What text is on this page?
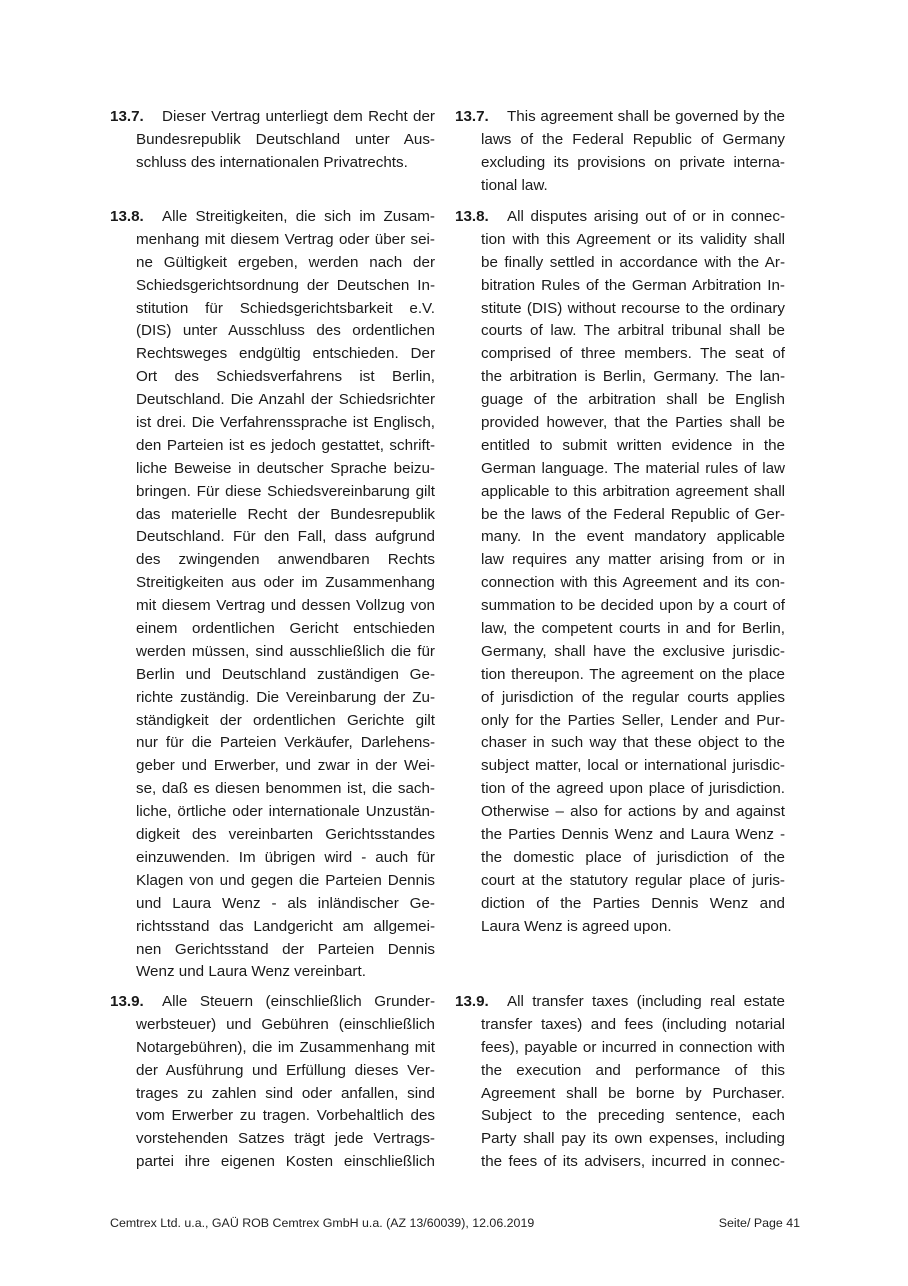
13.7. Dieser Vertrag unterliegt dem Recht der
Bundesrepublik Deutschland unter Aus-
schluss des internationalen Privatrechts.
13.8. Alle Streitigkeiten, die sich im Zusam-
menhang mit diesem Vertrag oder über sei-
ne Gültigkeit ergeben, werden nach der
Schiedsgerichtsordnung der Deutschen In-
stitution für Schiedsgerichtsbarkeit e.V.
(DIS) unter Ausschluss des ordentlichen
Rechtsweges endgültig entschieden. Der
Ort des Schiedsverfahrens ist Berlin,
Deutschland. Die Anzahl der Schiedsrichter
ist drei. Die Verfahrenssprache ist Englisch,
den Parteien ist es jedoch gestattet, schrift-
liche Beweise in deutscher Sprache beizu-
bringen. Für diese Schiedsvereinbarung gilt
das materielle Recht der Bundesrepublik
Deutschland. Für den Fall, dass aufgrund
des zwingenden anwendbaren Rechts
Streitigkeiten aus oder im Zusammenhang
mit diesem Vertrag und dessen Vollzug von
einem ordentlichen Gericht entschieden
werden müssen, sind ausschließlich die für
Berlin und Deutschland zuständigen Ge-
richte zuständig. Die Vereinbarung der Zu-
ständigkeit der ordentlichen Gerichte gilt
nur für die Parteien Verkäufer, Darlehens-
geber und Erwerber, und zwar in der Wei-
se, daß es diesen benommen ist, die sach-
liche, örtliche oder internationale Unzustän-
digkeit des vereinbarten Gerichtsstandes
einzuwenden. Im übrigen wird - auch für
Klagen von und gegen die Parteien Dennis
und Laura Wenz - als inländischer Ge-
richtsstand das Landgericht am allgemei-
nen Gerichtsstand der Parteien Dennis
Wenz und Laura Wenz vereinbart.
13.9. Alle Steuern (einschließlich Grunder-
werbsteuer) und Gebühren (einschließlich
Notargebühren), die im Zusammenhang mit
der Ausführung und Erfüllung dieses Ver-
trages zu zahlen sind oder anfallen, sind
vom Erwerber zu tragen. Vorbehaltlich des
vorstehenden Satzes trägt jede Vertrags-
partei ihre eigenen Kosten einschließlich
13.7. This agreement shall be governed by the
laws of the Federal Republic of Germany
excluding its provisions on private interna-
tional law.
13.8. All disputes arising out of or in connec-
tion with this Agreement or its validity shall
be finally settled in accordance with the Ar-
bitration Rules of the German Arbitration In-
stitute (DIS) without recourse to the ordinary
courts of law. The arbitral tribunal shall be
comprised of three members. The seat of
the arbitration is Berlin, Germany. The lan-
guage of the arbitration shall be English
provided however, that the Parties shall be
entitled to submit written evidence in the
German language. The material rules of law
applicable to this arbitration agreement shall
be the laws of the Federal Republic of Ger-
many. In the event mandatory applicable
law requires any matter arising from or in
connection with this Agreement and its con-
summation to be decided upon by a court of
law, the competent courts in and for Berlin,
Germany, shall have the exclusive jurisdic-
tion thereupon. The agreement on the place
of jurisdiction of the regular courts applies
only for the Parties Seller, Lender and Pur-
chaser in such way that these object to the
subject matter, local or international jurisdic-
tion of the agreed upon place of jurisdiction.
Otherwise – also for actions by and against
the Parties Dennis Wenz and Laura Wenz -
the domestic place of jurisdiction of the
court at the statutory regular place of juris-
diction of the Parties Dennis Wenz and
Laura Wenz is agreed upon.
13.9. All transfer taxes (including real estate
transfer taxes) and fees (including notarial
fees), payable or incurred in connection with
the execution and performance of this
Agreement shall be borne by Purchaser.
Subject to the preceding sentence, each
Party shall pay its own expenses, including
the fees of its advisers, incurred in connec-
Cemtrex Ltd. u.a., GAÜ ROB Cemtrex GmbH u.a. (AZ 13/60039), 12.06.2019	Seite/ Page 41
